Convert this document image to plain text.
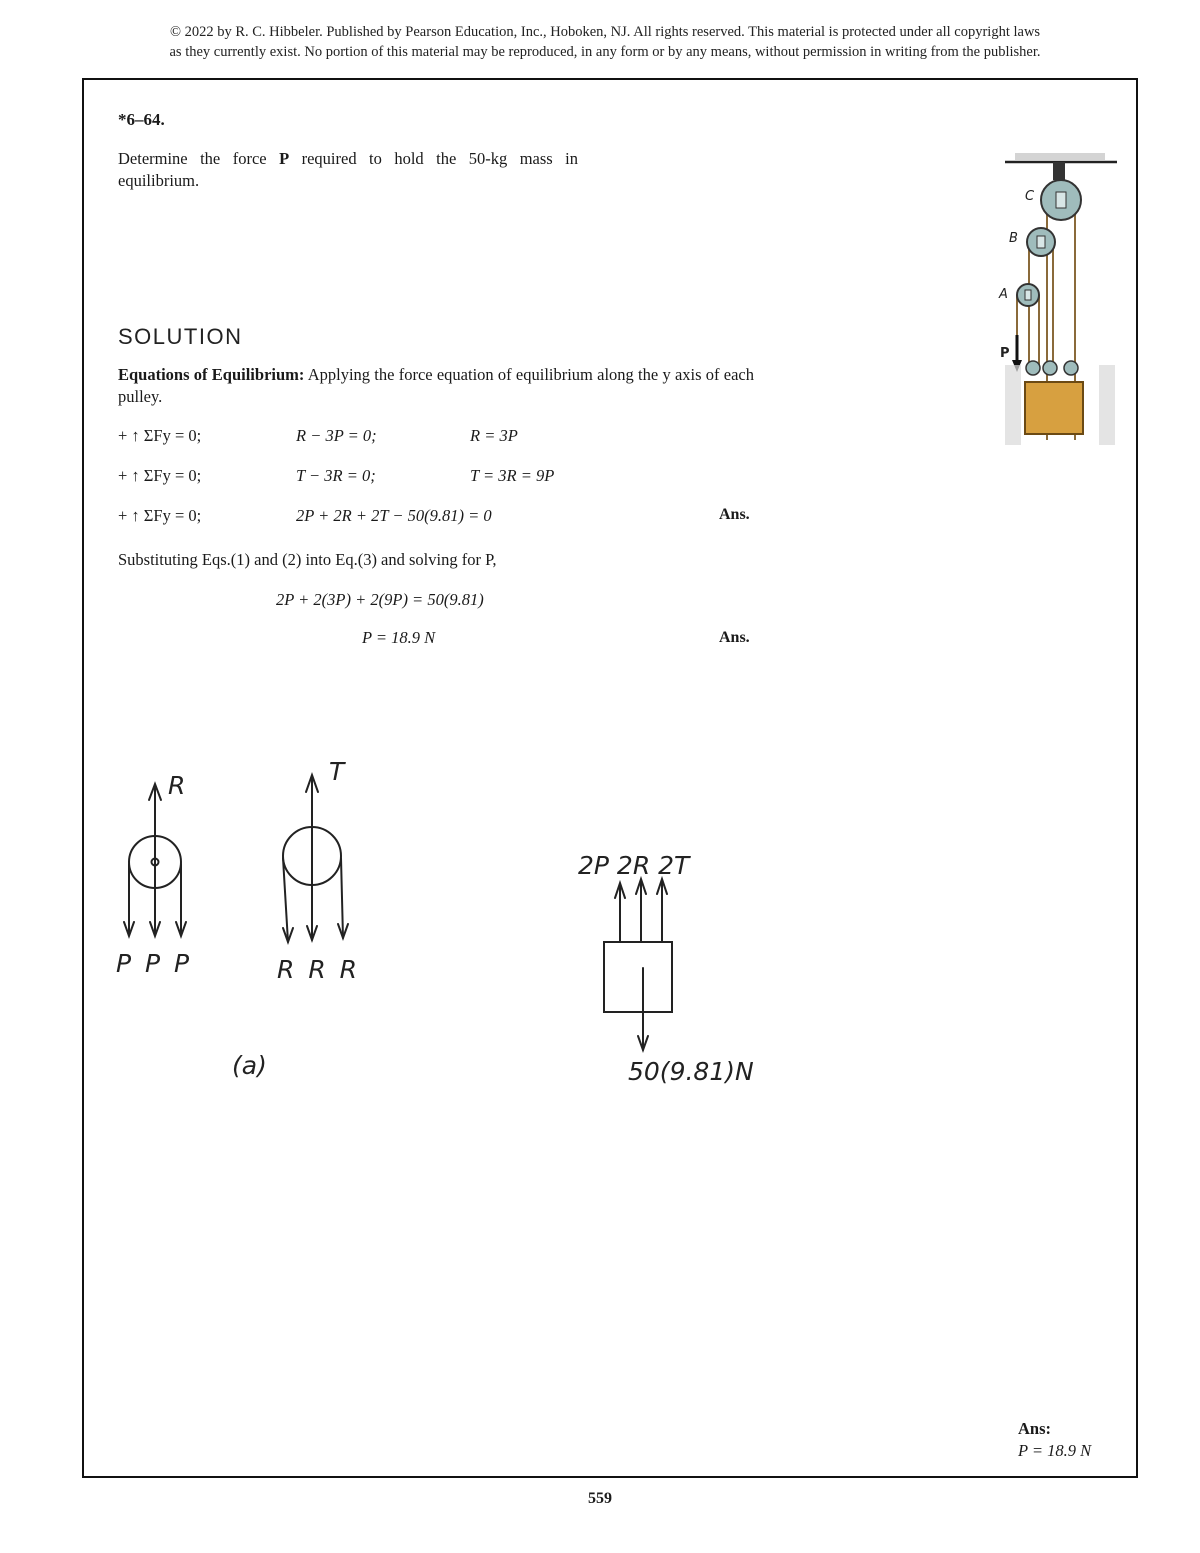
© 2022 by R. C. Hibbeler. Published by Pearson Education, Inc., Hoboken, NJ. All rights reserved. This material is protected under all copyright laws
as they currently exist. No portion of this material may be reproduced, in any form or by any means, without permission in writing from the publisher.
*6–64.
Determine the force P required to hold the 50-kg mass in equilibrium.
C
B
A
P
SOLUTION
Equations of Equilibrium: Applying the force equation of equilibrium along the y axis of each pulley.
+ ↑ ΣFy = 0;	R − 3P = 0;	R = 3P
+ ↑ ΣFy = 0;	T − 3R = 0;	T = 3R = 9P
+ ↑ ΣFy = 0;	2P + 2R + 2T − 50(9.81) = 0	Ans.
Substituting Eqs.(1) and (2) into Eq.(3) and solving for P,
2P + 2(3P) + 2(9P) = 50(9.81)
P = 18.9 N	Ans.
R
P P P
T
R R R
(a)
2P 2R 2T
50(9.81)N
Ans:
P = 18.9 N
559
